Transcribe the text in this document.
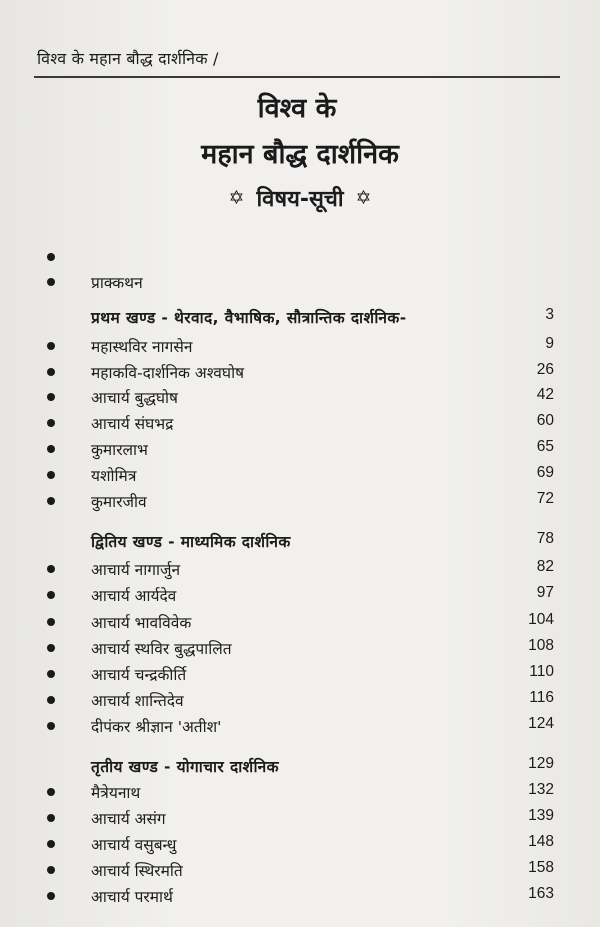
विश्व के महान बौद्ध दार्शनिक /
विश्व के
महान बौद्ध दार्शनिक
✡ विषय-सूची ✡
प्राक्कथन
प्रथम खण्ड - थेरवाद, वैभाषिक, सौत्रान्तिक दार्शनिक-	3
महास्थविर नागसेन	9
महाकवि-दार्शनिक अश्वघोष	26
आचार्य बुद्धघोष	42
आचार्य संघभद्र	60
कुमारलाभ	65
यशोमित्र	69
कुमारजीव	72
द्वितिय खण्ड - माध्यमिक दार्शनिक	78
आचार्य नागार्जुन	82
आचार्य आर्यदेव	97
आचार्य भावविवेक	104
आचार्य स्थविर बुद्धपालित	108
आचार्य चन्द्रकीर्ति	110
आचार्य शान्तिदेव	116
दीपंकर श्रीज्ञान 'अतीश'	124
तृतीय खण्ड - योगाचार दार्शनिक	129
मैत्रेयनाथ	132
आचार्य असंग	139
आचार्य वसुबन्धु	148
आचार्य स्थिरमति	158
आचार्य परमार्थ	163
